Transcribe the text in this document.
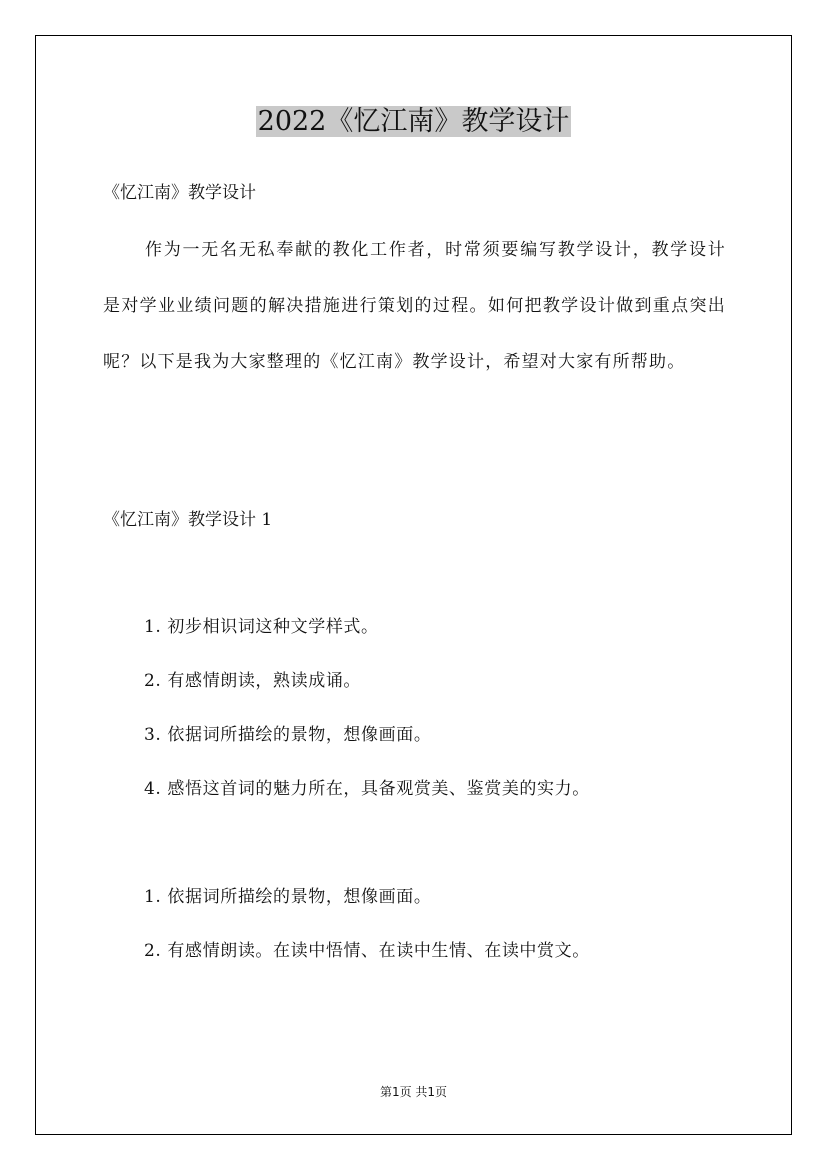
2022《忆江南》教学设计
《忆江南》教学设计
作为一无名无私奉献的教化工作者，时常须要编写教学设计，教学设计是对学业业绩问题的解决措施进行策划的过程。如何把教学设计做到重点突出呢？以下是我为大家整理的《忆江南》教学设计，希望对大家有所帮助。
《忆江南》教学设计 1
1. 初步相识词这种文学样式。
2. 有感情朗读，熟读成诵。
3. 依据词所描绘的景物，想像画面。
4. 感悟这首词的魅力所在，具备观赏美、鉴赏美的实力。
1. 依据词所描绘的景物，想像画面。
2. 有感情朗读。在读中悟情、在读中生情、在读中赏文。
第1页 共1页
